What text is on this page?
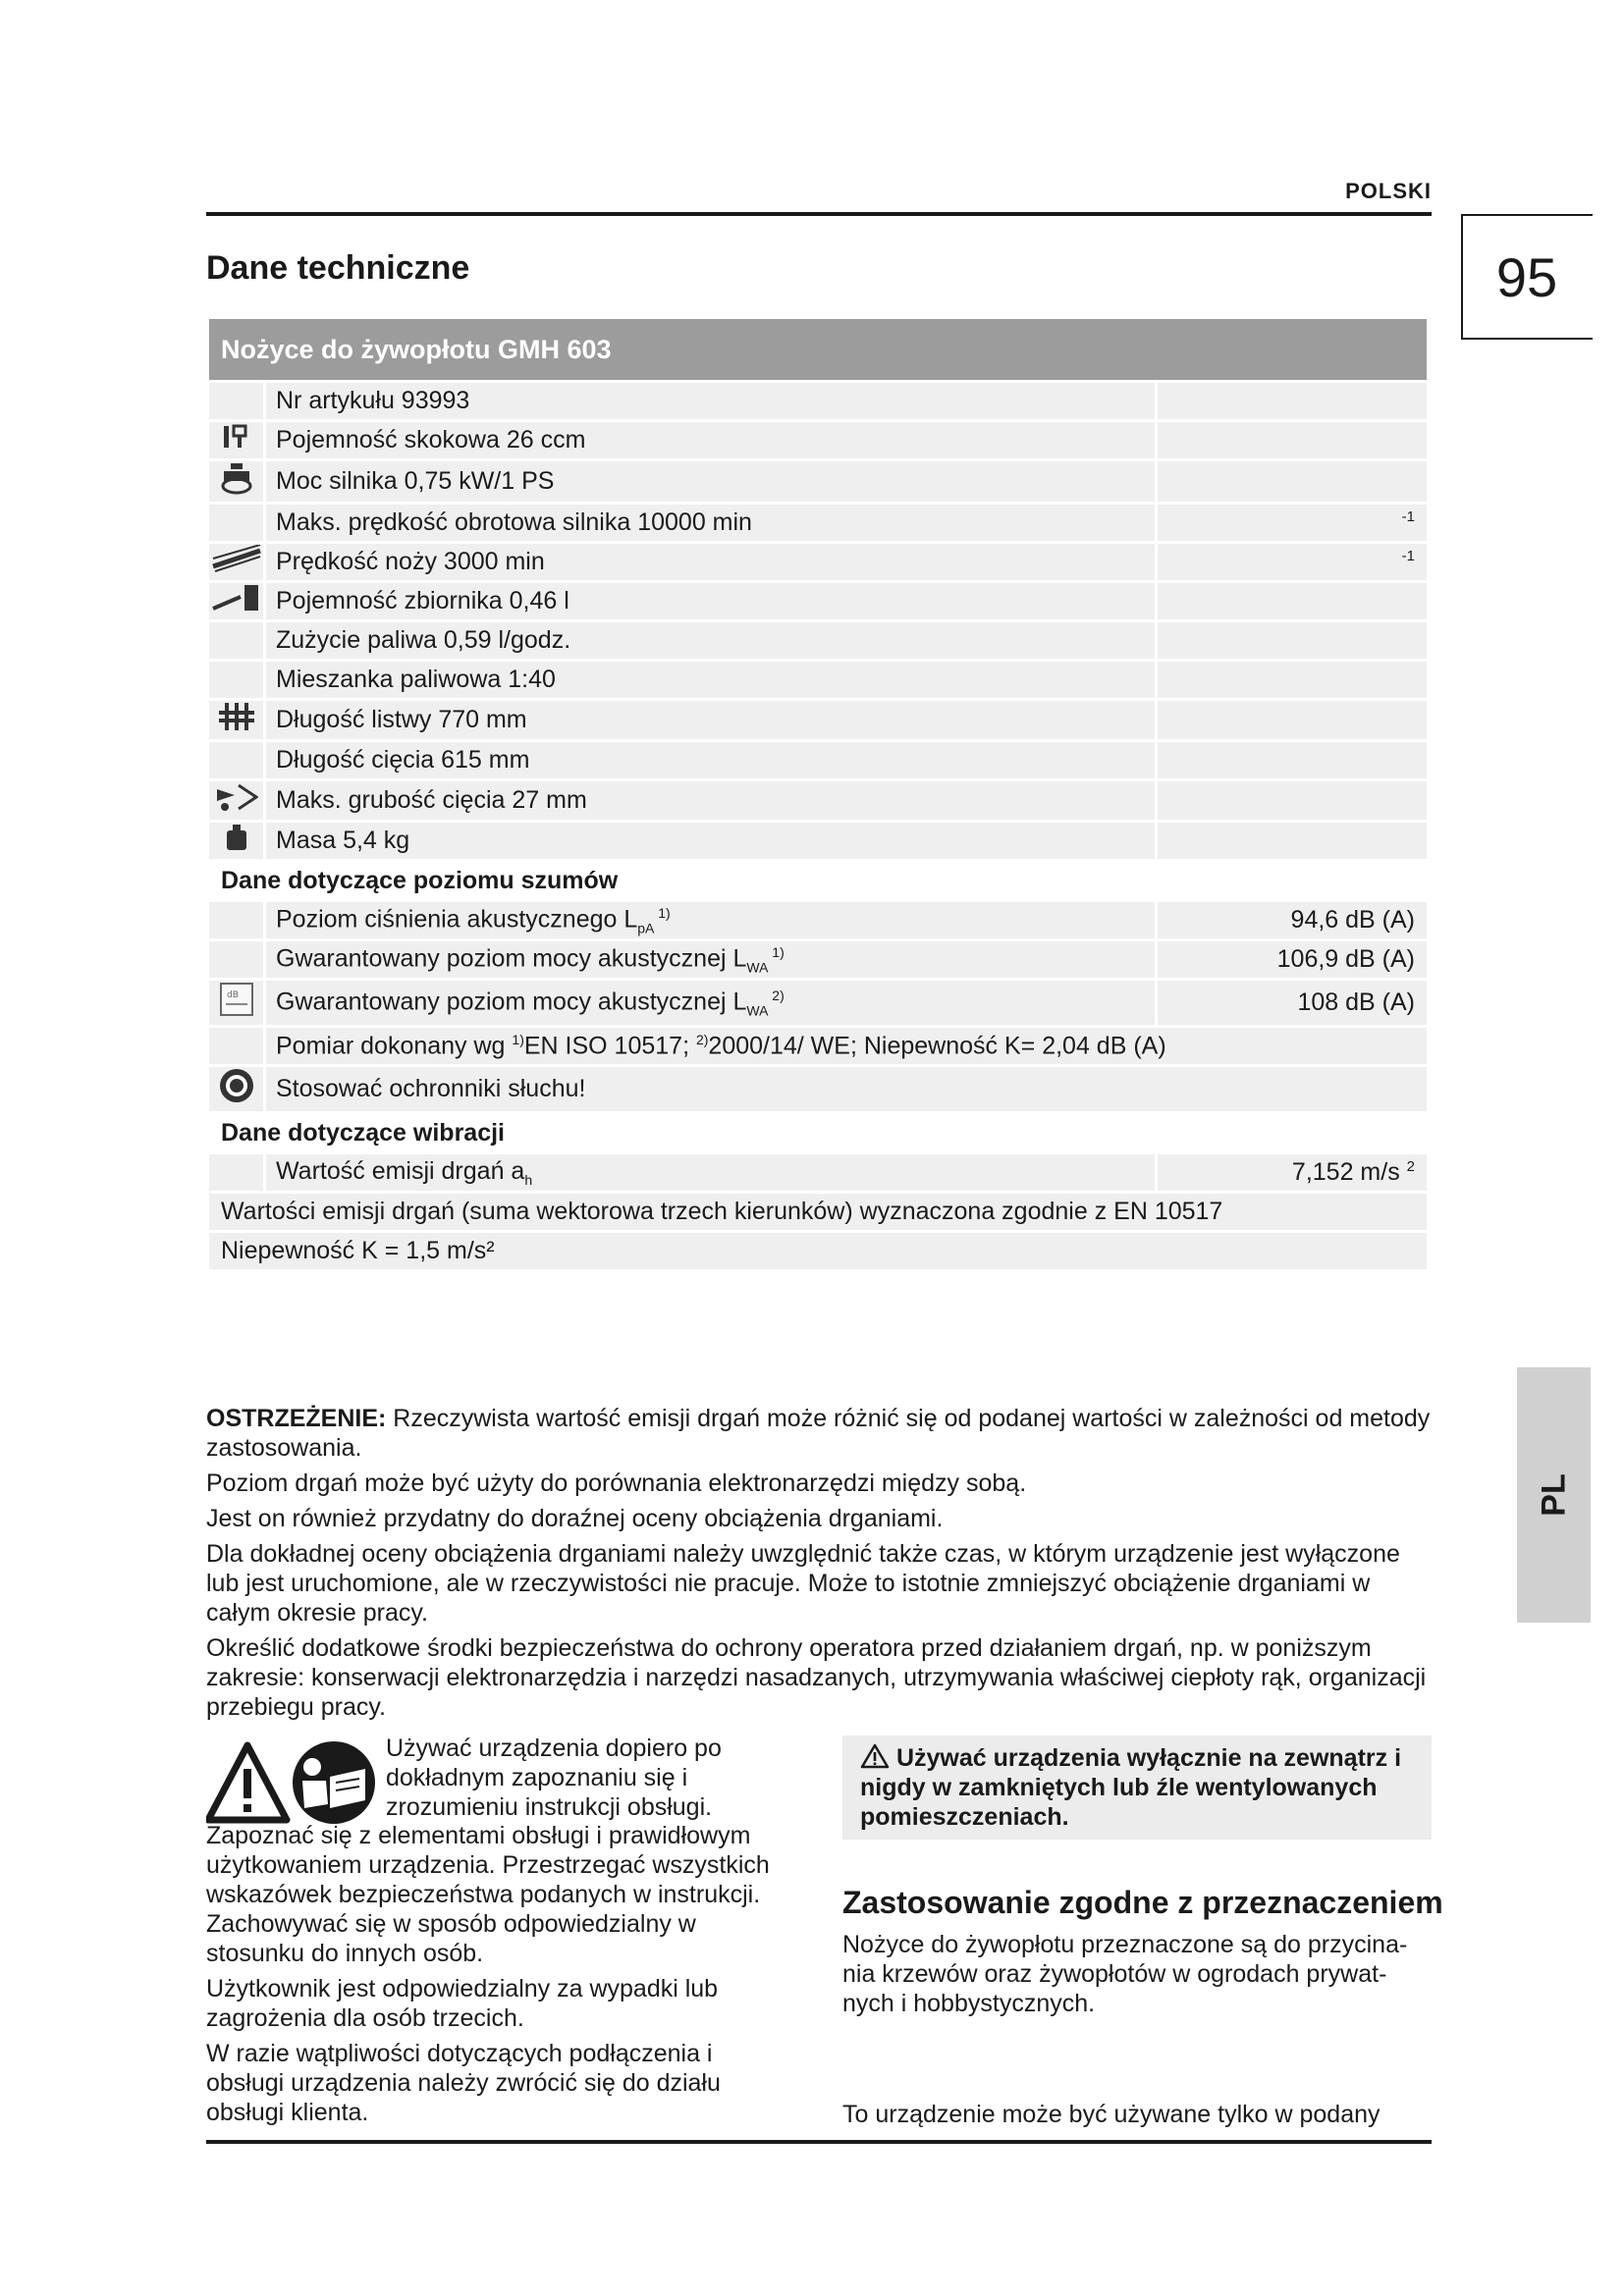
POLSKI
95
Dane techniczne
PL
Nożyce do żywopłotu GMH 603		
	Nr artykułu 93993	
	Pojemność skokowa 26 ccm	
	Moc silnika 0,75 kW/1 PS	
	Maks. prędkość obrotowa silnika 10000 min	$^{-1}$
	Prędkość noży 3000 min	$^{-1}$
	Pojemność zbiornika 0,46 l	
	Zużycie paliwa 0,59 l/godz.	
	Mieszanka paliwowa 1:40	
	Długość listwy 770 mm	
	Długość cięcia 615 mm	
	Maks. grubość cięcia 27 mm	
	Masa 5,4 kg	
Dane dotyczące poziomu szumów		
	Poziom ciśnienia akustycznego $L_{pA}$ $^{1)}$	94,6 dB (A)
	Gwarantowany poziom mocy akustycznej $L_{WA}$ $^{1)}$	106,9 dB (A)

dB	Gwarantowany poziom mocy akustycznej $L_{WA}$ $^{2)}$	108 dB (A)
	Pomiar dokonany wg $^{1)}$EN ISO 10517; $^{2)}$2000/14/ WE; Niepewność K= 2,04 dB (A)	
	Stosować ochronniki słuchu!	
Dane dotyczące wibracji		
	Wartość emisji drgań $a_h$	7,152 m/s $^2$
Wartości emisji drgań (suma wektorowa trzech kierunków) wyznaczona zgodnie z EN 10517		
Niepewność K = 1,5 m/s²		

OSTRZEŻENIE: Rzeczywista wartość emisji drgań może różnić się od podanej wartości w zależności od metody zastosowania.

Poziom drgań może być użyty do porównania elektronarzędzi między sobą.

Jest on również przydatny do doraźnej oceny obciążenia drganiami.

Dla dokładnej oceny obciążenia drganiami należy uwzględnić także czas, w którym urządzenie jest wyłączone lub jest uruchomione, ale w rzeczywistości nie pracuje. Może to istotnie zmniejszyć obciążenie drganiami w całym okresie pracy.

Określić dodatkowe środki bezpieczeństwa do ochrony operatora przed działaniem drgań, np. w poniższym zakresie: konserwacji elektronarzędzia i narzędzi nasadzanych, utrzymywania właściwej ciepłoty rąk, organizacji przebiegu pracy.

Używać urządzenia dopiero po dokładnym zapoznaniu się i zrozumieniu instrukcji obsługi.

Zapoznać się z elementami obsługi i prawidłowym użytkowaniem urządzenia. Przestrzegać wszystkich wskazówek bezpieczeństwa podanych w instrukcji. Zachowywać się w sposób odpowiedzialny w stosunku do innych osób.

Użytkownik jest odpowiedzialny za wypadki lub zagrożenia dla osób trzecich.

W razie wątpliwości dotyczących podłączenia i obsługi urządzenia należy zwrócić się do działu obsługi klienta.

Używać urządzenia wyłącznie na zewnątrz i nigdy w zamkniętych lub źle wentylowanych pomieszczeniach.
Zastosowanie zgodne z przeznaczeniem
Nożyce do żywopłotu przeznaczone są do przycina- nia krzewów oraz żywopłotów w ogrodach prywat- nych i hobbystycznych.
To urządzenie może być używane tylko w podany
